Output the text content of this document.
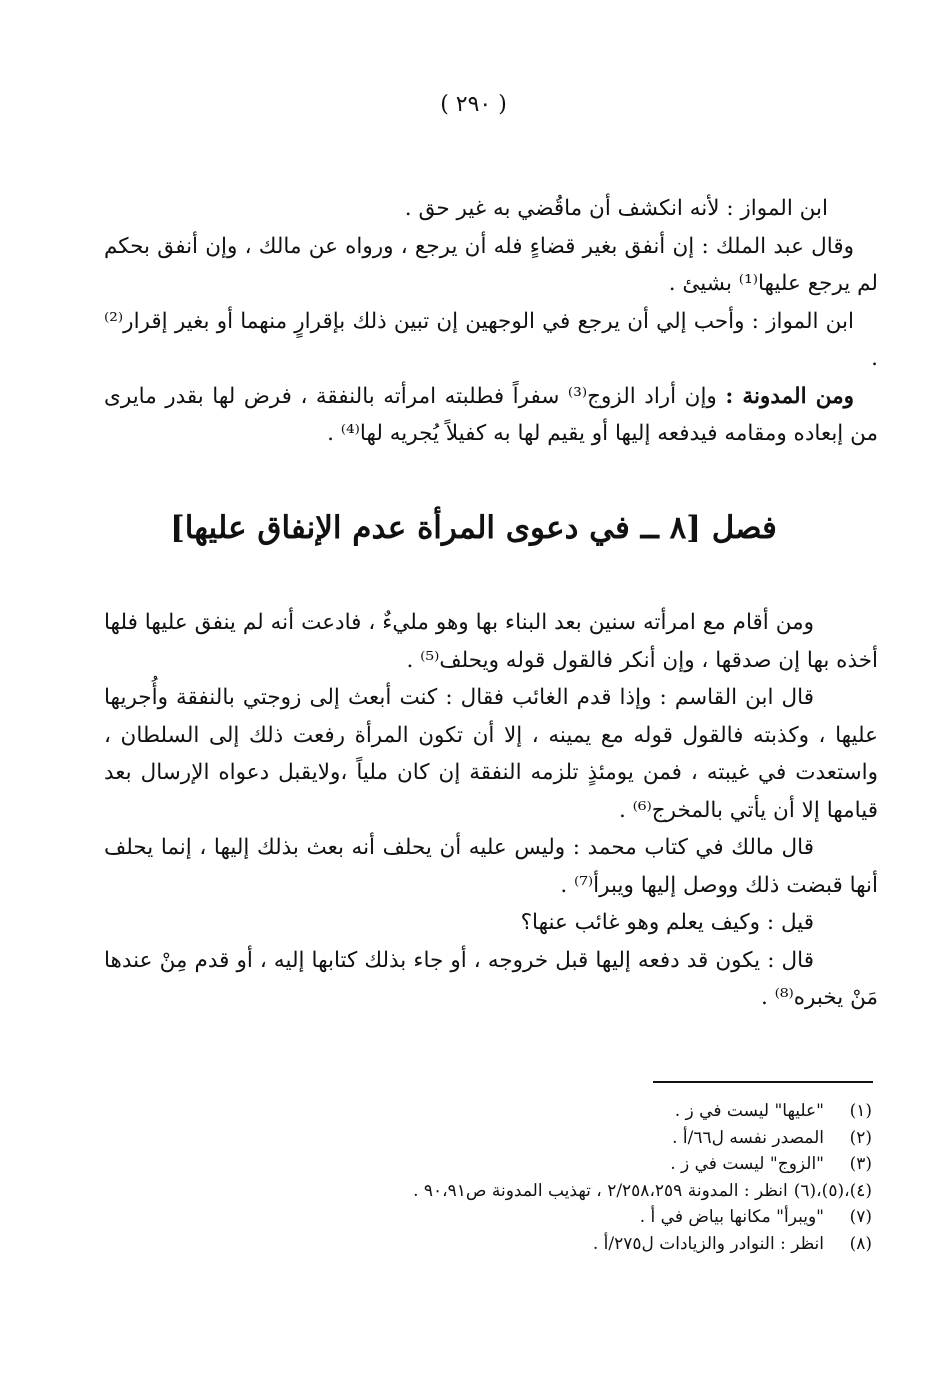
( ٢٩٠ )

ابن المواز : لأنه انكشف أن ماقُضي به غير حق .

وقال عبد الملك : إن أنفق بغير قضاءٍ فله أن يرجع ، ورواه عن مالك ، وإن أنفق بحكم لم يرجع عليها⁽¹⁾ بشيئ .

ابن المواز : وأحب إلي أن يرجع في الوجهين إن تبين ذلك بإقرارٍ منهما أو بغير إقرار⁽²⁾ .

ومن المدونة : وإن أراد الزوج⁽³⁾ سفراً فطلبته امرأته بالنفقة ، فرض لها بقدر مايرى من إبعاده ومقامه فيدفعه إليها أو يقيم لها به كفيلاً يُجريه لها⁽⁴⁾ .

فصل [٨ ــ في دعوى المرأة عدم الإنفاق عليها]

ومن أقام مع امرأته سنين بعد البناء بها وهو مليءٌ ، فادعت أنه لم ينفق عليها فلها أخذه بها إن صدقها ، وإن أنكر فالقول قوله ويحلف⁽⁵⁾ .

قال ابن القاسم : وإذا قدم الغائب فقال : كنت أبعث إلى زوجتي بالنفقة وأُجريها عليها ، وكذبته فالقول قوله مع يمينه ، إلا أن تكون المرأة رفعت ذلك إلى السلطان ، واستعدت في غيبته ، فمن يومئذٍ تلزمه النفقة إن كان ملياً ،ولايقبل دعواه الإرسال بعد قيامها إلا أن يأتي بالمخرج⁽⁶⁾ .

قال مالك في كتاب محمد : وليس عليه أن يحلف أنه بعث بذلك إليها ، إنما يحلف أنها قبضت ذلك ووصل إليها ويبرأ⁽⁷⁾ .

قيل : وكيف يعلم وهو غائب عنها؟

قال : يكون قد دفعه إليها قبل خروجه ، أو جاء بذلك كتابها إليه ، أو قدم مِنْ عندها مَنْ يخبره⁽⁸⁾ .

(١)
"عليها" ليست في ز .
(٢)
المصدر نفسه ل٦٦/أ .
(٣)
"الزوج" ليست في ز .
(٤)،(٥)،(٦)
انظر : المدونة ٢/٢٥٨،٢٥٩ ، تهذيب المدونة ص٩٠،٩١ .
(٧)
"ويبرأ" مكانها بياض في أ .
(٨)
انظر : النوادر والزيادات ل٢٧٥/أ .
